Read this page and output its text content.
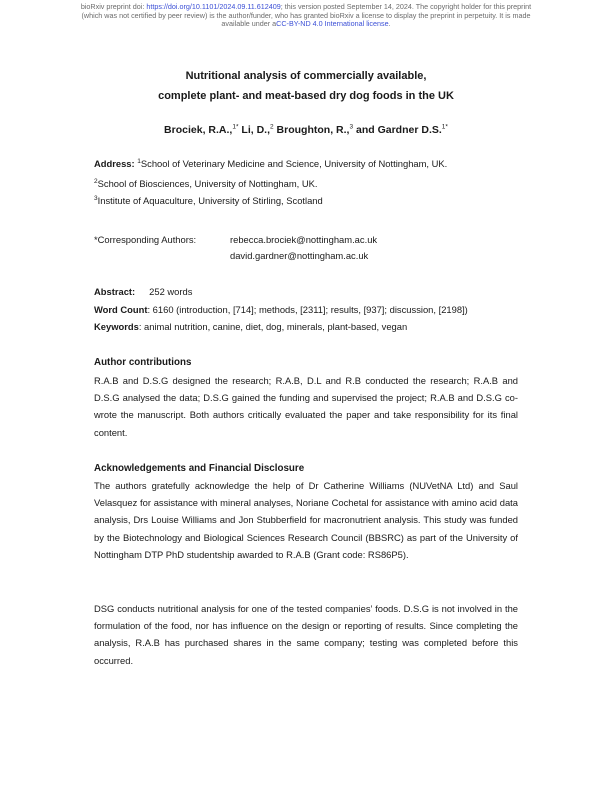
bioRxiv preprint doi: https://doi.org/10.1101/2024.09.11.612409; this version posted September 14, 2024. The copyright holder for this preprint
(which was not certified by peer review) is the author/funder, who has granted bioRxiv a license to display the preprint in perpetuity. It is made
available under aCC-BY-ND 4.0 International license.
Nutritional analysis of commercially available,
complete plant- and meat-based dry dog foods in the UK
Brociek, R.A.,$^{1*}$ Li, D.,$^2$ Broughton, R.,$^3$ and Gardner D.S.$^{1*}$
Address: $^1$School of Veterinary Medicine and Science, University of Nottingham, UK.
$^2$School of Biosciences, University of Nottingham, UK.
$^3$Institute of Aquaculture, University of Stirling, Scotland
*Corresponding Authors:	rebecca.brociek@nottingham.ac.uk
david.gardner@nottingham.ac.uk
Abstract: 252 words
Word Count: 6160 (introduction, [714]; methods, [2311]; results, [937]; discussion, [2198])
Keywords: animal nutrition, canine, diet, dog, minerals, plant-based, vegan
Author contributions

R.A.B and D.S.G designed the research; R.A.B, D.L and R.B conducted the research; R.A.B and D.S.G analysed the data; D.S.G gained the funding and supervised the project; R.A.B and D.S.G co-wrote the manuscript. Both authors critically evaluated the paper and take responsibility for its final content.

Acknowledgements and Financial Disclosure

The authors gratefully acknowledge the help of Dr Catherine Williams (NUVetNA Ltd) and Saul Velasquez for assistance with mineral analyses, Noriane Cochetal for assistance with amino acid data analysis, Drs Louise Williams and Jon Stubberfield for macronutrient analysis. This study was funded by the Biotechnology and Biological Sciences Research Council (BBSRC) as part of the University of Nottingham DTP PhD studentship awarded to R.A.B (Grant code: RS86P5).

DSG conducts nutritional analysis for one of the tested companies’ foods. D.S.G is not involved in the formulation of the food, nor has influence on the design or reporting of results. Since completing the analysis, R.A.B has purchased shares in the same company; testing was completed before this occurred.
